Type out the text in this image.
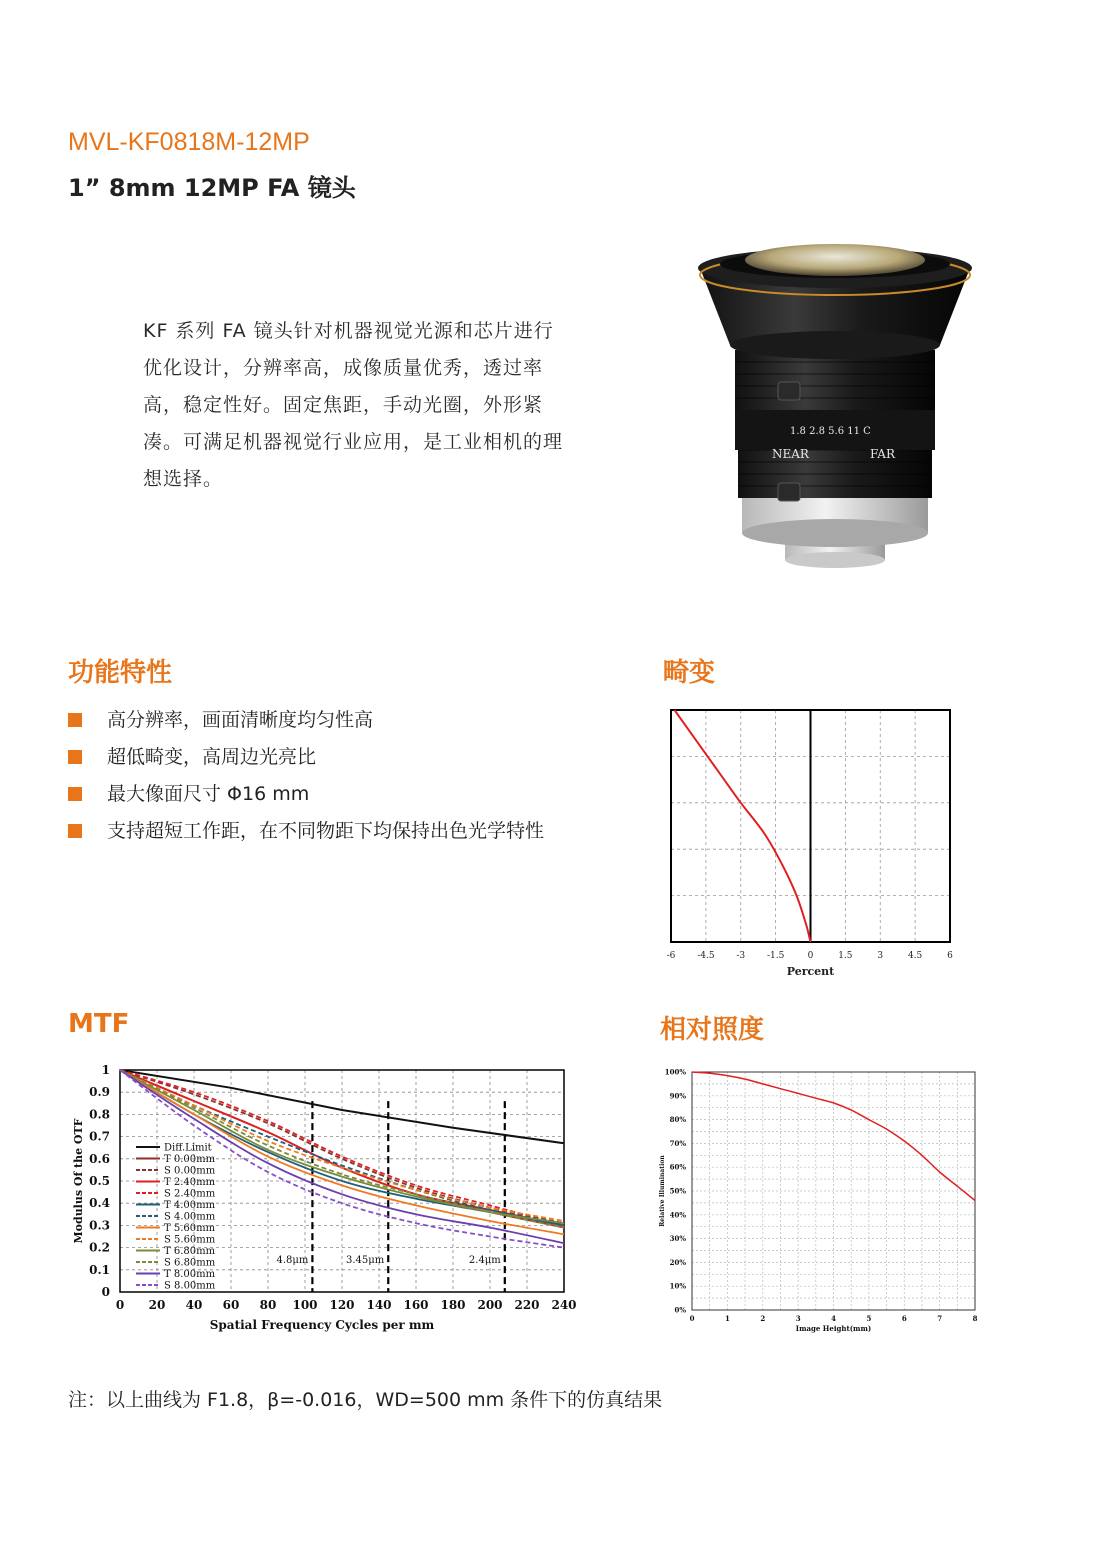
MVL-KF0818M-12MP
1” 8mm 12MP FA 镜头
KF 系列 FA 镜头针对机器视觉光源和芯片进行优化设计，分辨率高，成像质量优秀，透过率高，稳定性好。固定焦距，手动光圈，外形紧凑。可满足机器视觉行业应用，是工业相机的理想选择。
1.8 2.8 5.6 11 C
NEAR	FAR
功能特性	畸变
MTF	相对照度
高分辨率，画面清晰度均匀性高
超低畸变，高周边光亮比
最大像面尺寸 Φ16 mm
支持超短工作距，在不同物距下均保持出色光学特性
-6 -4.5 -3 -1.5	0	1.5	3	4.5	6
Percent
0 20 40 60 80 100 120 140 160 180 200 220 240
0
0.1
0.2
0.3
0.4
0.5
0.6
0.7
0.8
0.9
1
Spatial Frequency Cycles per mm
Modulus Of the OTF
4.8μm	3.45μm	2.4μm
Diff.Limit
T 0.00mm
S 0.00mm
T 2.40mm
S 2.40mm
T 4.00mm
S 4.00mm
T 5.60mm
S 5.60mm
T 6.80mm
S 6.80mm
T 8.00mm
S 8.00mm
0	1	2	3	4	5	6	7	8
0%
10%
20%
30%
40%
50%
60%
70%
80%
90%
100%
Image Height(mm)
Relative Illumination
注：以上曲线为 F1.8，β=-0.016，WD=500 mm 条件下的仿真结果
